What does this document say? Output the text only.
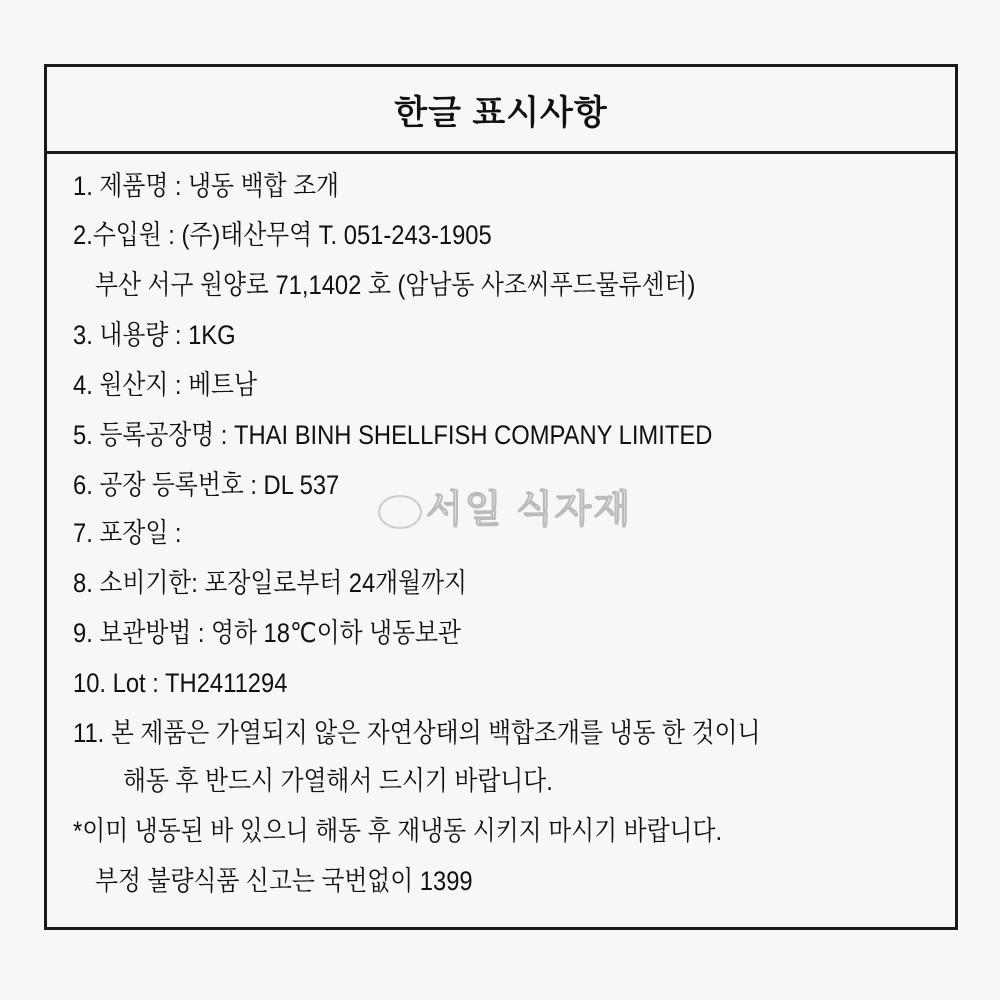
한글 표시사항
1. 제품명 : 냉동 백합 조개
2.수입원 : (주)태산무역 T. 051-243-1905
부산 서구 원양로 71,1402 호 (암남동 사조씨푸드물류센터)
3. 내용량 : 1KG
4. 원산지 : 베트남
5. 등록공장명 : THAI BINH SHELLFISH COMPANY LIMITED
6. 공장 등록번호 : DL 537
7. 포장일 :
8. 소비기한: 포장일로부터 24개월까지
9. 보관방법 : 영하 18℃이하 냉동보관
10. Lot : TH2411294
11. 본 제품은 가열되지 않은 자연상태의 백합조개를 냉동 한 것이니
해동 후 반드시 가열해서 드시기 바랍니다.
*이미 냉동된 바 있으니 해동 후 재냉동 시키지 마시기 바랍니다.
부정 불량식품 신고는 국번없이 1399
서일 식자재
